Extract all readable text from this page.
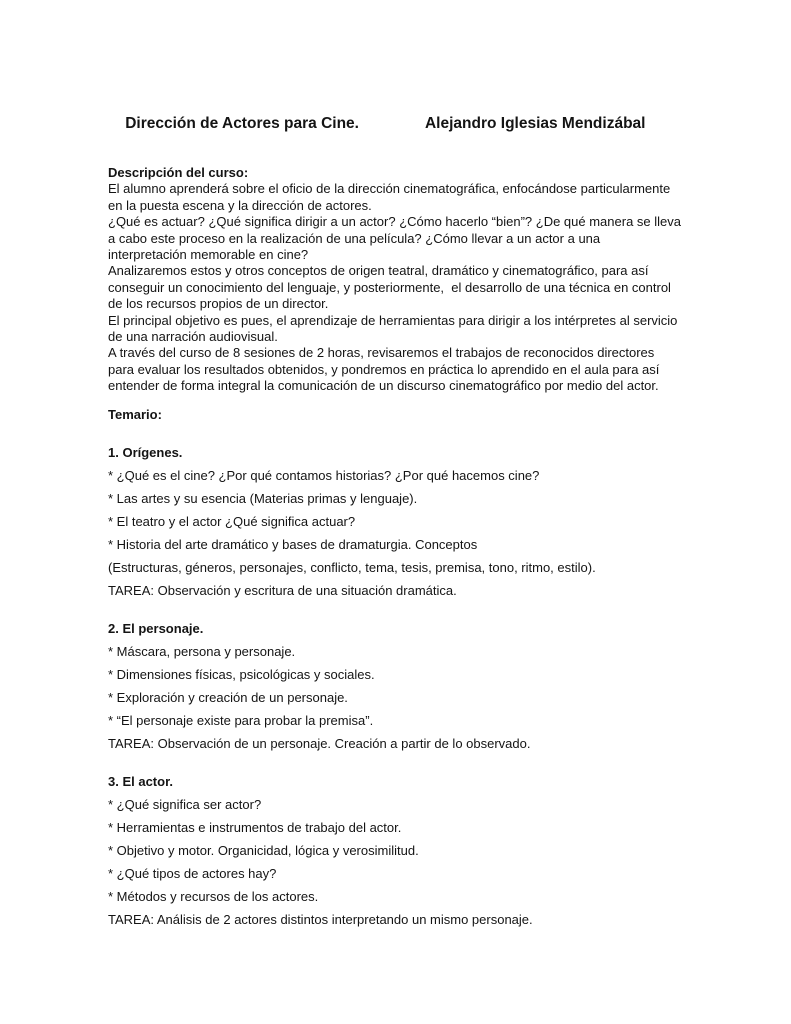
Dirección de Actores para Cine.	Alejandro Iglesias Mendizábal

Descripción del curso:
El alumno aprenderá sobre el oficio de la dirección cinematográfica, enfocándose particularmente
en la puesta escena y la dirección de actores.
¿Qué es actuar? ¿Qué significa dirigir a un actor? ¿Cómo hacerlo “bien”? ¿De qué manera se lleva
a cabo este proceso en la realización de una película? ¿Cómo llevar a un actor a una
interpretación memorable en cine?
Analizaremos estos y otros conceptos de origen teatral, dramático y cinematográfico, para así
conseguir un conocimiento del lenguaje, y posteriormente,  el desarrollo de una técnica en control
de los recursos propios de un director.
El principal objetivo es pues, el aprendizaje de herramientas para dirigir a los intérpretes al servicio
de una narración audiovisual.
A través del curso de 8 sesiones de 2 horas, revisaremos el trabajos de reconocidos directores
para evaluar los resultados obtenidos, y pondremos en práctica lo aprendido en el aula para así
entender de forma integral la comunicación de un discurso cinematográfico por medio del actor.
Temario:
1. Orígenes.
* ¿Qué es el cine? ¿Por qué contamos historias? ¿Por qué hacemos cine?
* Las artes y su esencia (Materias primas y lenguaje).
* El teatro y el actor ¿Qué significa actuar?
* Historia del arte dramático y bases de dramaturgia. Conceptos
(Estructuras, géneros, personajes, conflicto, tema, tesis, premisa, tono, ritmo, estilo).
TAREA: Observación y escritura de una situación dramática.
2. El personaje.
* Máscara, persona y personaje.
* Dimensiones físicas, psicológicas y sociales.
* Exploración y creación de un personaje.
* “El personaje existe para probar la premisa”.
TAREA: Observación de un personaje. Creación a partir de lo observado.
3. El actor.
* ¿Qué significa ser actor?
* Herramientas e instrumentos de trabajo del actor.
* Objetivo y motor. Organicidad, lógica y verosimilitud.
* ¿Qué tipos de actores hay?
* Métodos y recursos de los actores.
TAREA: Análisis de 2 actores distintos interpretando un mismo personaje.
